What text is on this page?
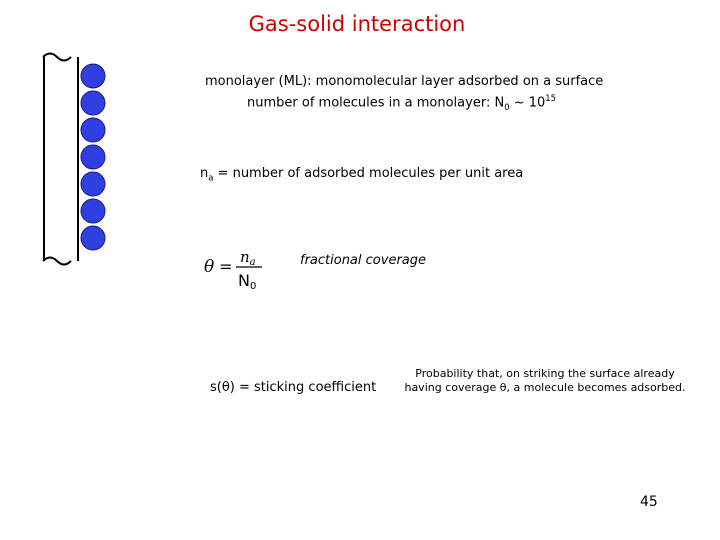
Gas-solid interaction
monolayer (ML): monomolecular layer adsorbed on a surface
number of molecules in a monolayer: $N_0$ ~ $10^{15}$
$n_a$ = number of adsorbed molecules per unit area
$\theta = n_a$
N0
fractional coverage
s(θ) = sticking coefficient
Probability that, on striking the surface already
having coverage θ, a molecule becomes adsorbed.
45
